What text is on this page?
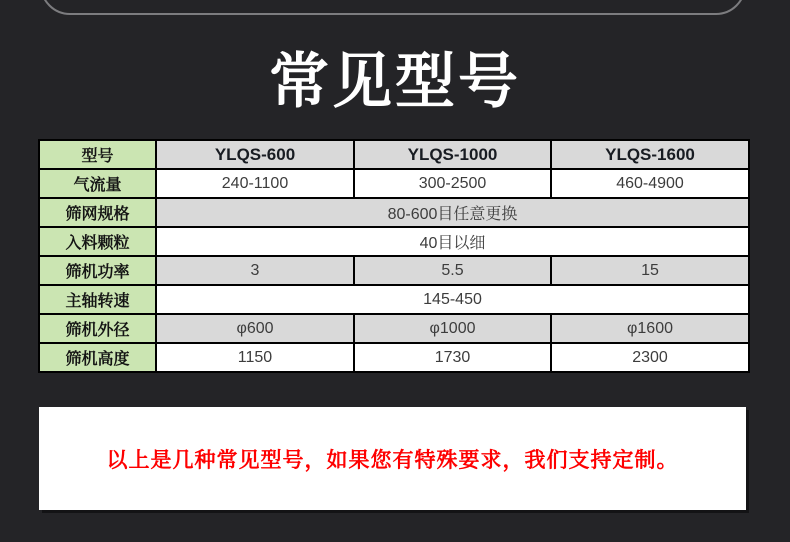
常见型号
型号	YLQS-600	YLQS-1000	YLQS-1600
气流量	240-1100	300-2500	460-4900
筛网规格	80-600目任意更换		
入料颗粒	40目以细		
筛机功率	3	5.5	15
主轴转速	145-450		
筛机外径	φ600	φ1000	φ1600
筛机高度	1150	1730	2300
以上是几种常见型号，如果您有特殊要求，我们支持定制。
